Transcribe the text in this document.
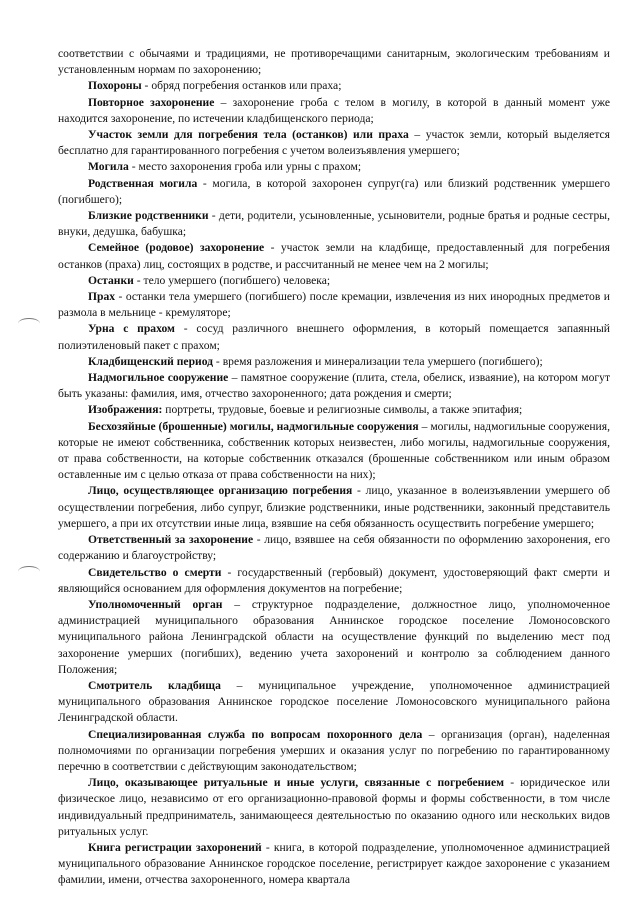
соответствии с обычаями и традициями, не противоречащими санитарным, экологическим требованиям и установленным нормам по захоронению;

Похороны - обряд погребения останков или праха;

Повторное захоронение – захоронение гроба с телом в могилу, в которой в данный момент уже находится захоронение, по истечении кладбищенского периода;

Участок земли для погребения тела (останков) или праха – участок земли, который выделяется бесплатно для гарантированного погребения с учетом волеизъявления умершего;

Могила - место захоронения гроба или урны с прахом;

Родственная могила - могила, в которой захоронен супруг(га) или близкий родственник умершего (погибшего);

Близкие родственники - дети, родители, усыновленные, усыновители, родные братья и родные сестры, внуки, дедушка, бабушка;

Семейное (родовое) захоронение - участок земли на кладбище, предоставленный для погребения останков (праха) лиц, состоящих в родстве, и рассчитанный не менее чем на 2 могилы;

Останки - тело умершего (погибшего) человека;

Прах - останки тела умершего (погибшего) после кремации, извлечения из них инородных предметов и размола в мельнице - кремуляторе;

Урна с прахом - сосуд различного внешнего оформления, в который помещается запаянный полиэтиленовый пакет с прахом;

Кладбищенский период - время разложения и минерализации тела умершего (погибшего);

Надмогильное сооружение – памятное сооружение (плита, стела, обелиск, изваяние), на котором могут быть указаны: фамилия, имя, отчество захороненного; дата рождения и смерти;

Изображения: портреты, трудовые, боевые и религиозные символы, а также эпитафия;

Бесхозяйные (брошенные) могилы, надмогильные сооружения – могилы, надмогильные сооружения, которые не имеют собственника, собственник которых неизвестен, либо могилы, надмогильные сооружения, от права собственности, на которые собственник отказался (брошенные собственником или иным образом оставленные им с целью отказа от права собственности на них);

Лицо, осуществляющее организацию погребения - лицо, указанное в волеизъявлении умершего об осуществлении погребения, либо супруг, близкие родственники, иные родственники, законный представитель умершего, а при их отсутствии иные лица, взявшие на себя обязанность осуществить погребение умершего;

Ответственный за захоронение - лицо, взявшее на себя обязанности по оформлению захоронения, его содержанию и благоустройству;

Свидетельство о смерти - государственный (гербовый) документ, удостоверяющий факт смерти и являющийся основанием для оформления документов на погребение;

Уполномоченный орган – структурное подразделение, должностное лицо, уполномоченное администрацией муниципального образования Аннинское городское поселение Ломоносовского муниципального района Ленинградской области на осуществление функций по выделению мест под захоронение умерших (погибших), ведению учета захоронений и контролю за соблюдением данного Положения;

Смотритель кладбища – муниципальное учреждение, уполномоченное администрацией муниципального образования Аннинское городское поселение Ломоносовского муниципального района Ленинградской области.

Специализированная служба по вопросам похоронного дела – организация (орган), наделенная полномочиями по организации погребения умерших и оказания услуг по погребению по гарантированному перечню в соответствии с действующим законодательством;

Лицо, оказывающее ритуальные и иные услуги, связанные с погребением - юридическое или физическое лицо, независимо от его организационно-правовой формы и формы собственности, в том числе индивидуальный предприниматель, занимающееся деятельностью по оказанию одного или нескольких видов ритуальных услуг.

Книга регистрации захоронений - книга, в которой подразделение, уполномоченное администрацией муниципального образование Аннинское городское поселение, регистрирует каждое захоронение с указанием фамилии, имени, отчества захороненного, номера квартала
